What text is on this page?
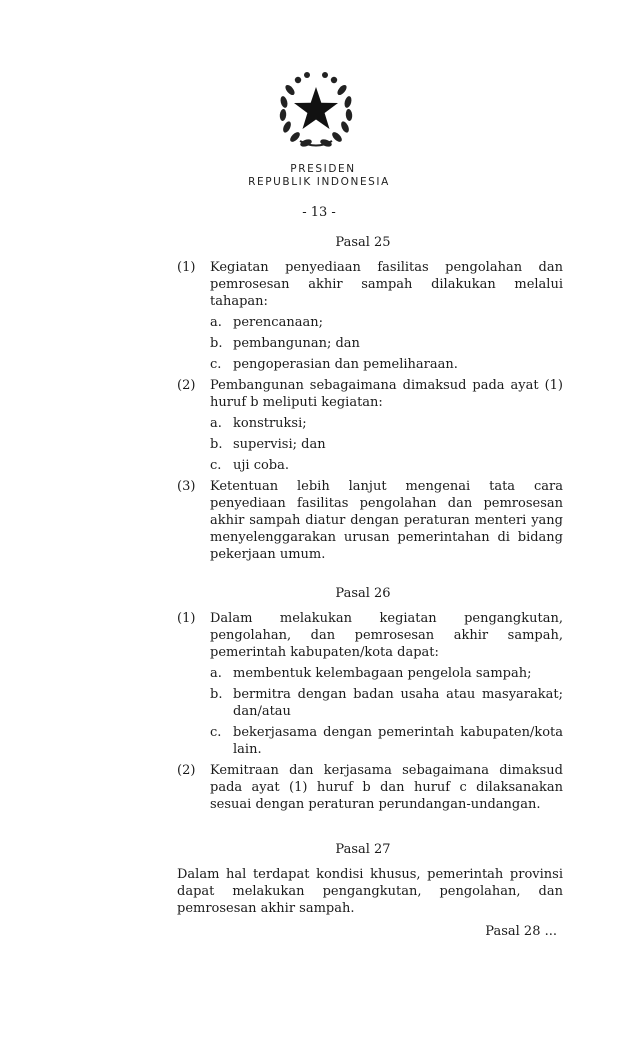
PRESIDEN
REPUBLIK INDONESIA
- 13 -
Pasal 25
(1)	Kegiatan penyediaan fasilitas pengolahan dan pemrosesan akhir sampah dilakukan melalui tahapan:
a. perencanaan;
b. pembangunan; dan
c. pengoperasian dan pemeliharaan.
(2)	Pembangunan sebagaimana dimaksud pada ayat (1) huruf b meliputi kegiatan:
a. konstruksi;
b. supervisi; dan
c. uji coba.
(3)	Ketentuan lebih lanjut mengenai tata cara penyediaan fasilitas pengolahan dan pemrosesan akhir sampah diatur dengan peraturan menteri yang menyelenggarakan urusan pemerintahan di bidang pekerjaan umum.
Pasal 26
(1)	Dalam melakukan kegiatan pengangkutan, pengolahan, dan pemrosesan akhir sampah, pemerintah kabupaten/kota dapat:
a. membentuk kelembagaan pengelola sampah;
b. bermitra dengan badan usaha atau masyarakat; dan/atau
c. bekerjasama dengan pemerintah kabupaten/kota lain.
(2)	Kemitraan dan kerjasama sebagaimana dimaksud pada ayat (1) huruf b dan huruf c dilaksanakan sesuai dengan peraturan perundangan-undangan.
Pasal 27
Dalam hal terdapat kondisi khusus, pemerintah provinsi dapat melakukan pengangkutan, pengolahan, dan pemrosesan akhir sampah.
Pasal 28 ...
